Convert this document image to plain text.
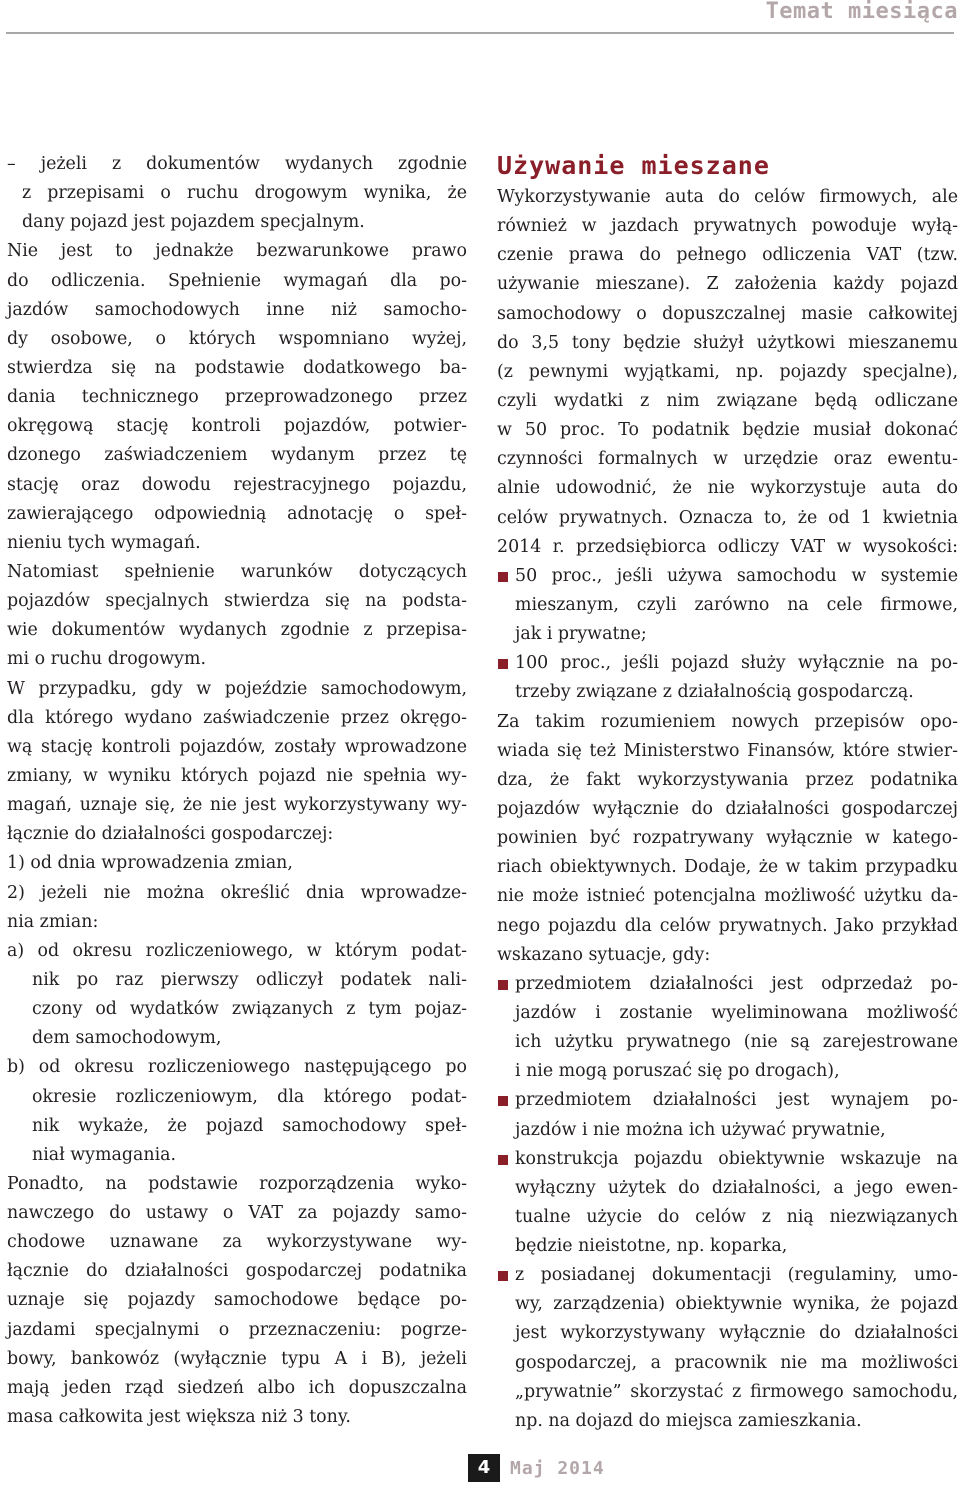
Temat miesiąca
– jeżeli z dokumentów wydanych zgodnie
z przepisami o ruchu drogowym wynika, że
dany pojazd jest pojazdem specjalnym.
Nie jest to jednakże bezwarunkowe prawo
do odliczenia. Spełnienie wymagań dla po-
jazdów samochodowych inne niż samocho-
dy osobowe, o których wspomniano wyżej,
stwierdza się na podstawie dodatkowego ba-
dania technicznego przeprowadzonego przez
okręgową stację kontroli pojazdów, potwier-
dzonego zaświadczeniem wydanym przez tę
stację oraz dowodu rejestracyjnego pojazdu,
zawierającego odpowiednią adnotację o speł-
nieniu tych wymagań.
Natomiast spełnienie warunków dotyczących
pojazdów specjalnych stwierdza się na podsta-
wie dokumentów wydanych zgodnie z przepisa-
mi o ruchu drogowym.
W przypadku, gdy w pojeździe samochodowym,
dla którego wydano zaświadczenie przez okręgo-
wą stację kontroli pojazdów, zostały wprowadzone
zmiany, w wyniku których pojazd nie spełnia wy-
magań, uznaje się, że nie jest wykorzystywany wy-
łącznie do działalności gospodarczej:
1) od dnia wprowadzenia zmian,
2) jeżeli nie można określić dnia wprowadze-
nia zmian:
a) od okresu rozliczeniowego, w którym podat-
nik po raz pierwszy odliczył podatek nali-
czony od wydatków związanych z tym pojaz-
dem samochodowym,
b) od okresu rozliczeniowego następującego po
okresie rozliczeniowym, dla którego podat-
nik wykaże, że pojazd samochodowy speł-
niał wymagania.
Ponadto, na podstawie rozporządzenia wyko-
nawczego do ustawy o VAT za pojazdy samo-
chodowe uznawane za wykorzystywane wy-
łącznie do działalności gospodarczej podatnika
uznaje się pojazdy samochodowe będące po-
jazdami specjalnymi o przeznaczeniu: pogrze-
bowy, bankowóz (wyłącznie typu A i B), jeżeli
mają jeden rząd siedzeń albo ich dopuszczalna
masa całkowita jest większa niż 3 tony.
Używanie mieszane
Wykorzystywanie auta do celów firmowych, ale
również w jazdach prywatnych powoduje wyłą-
czenie prawa do pełnego odliczenia VAT (tzw.
używanie mieszane). Z założenia każdy pojazd
samochodowy o dopuszczalnej masie całkowitej
do 3,5 tony będzie służył użytkowi mieszanemu
(z pewnymi wyjątkami, np. pojazdy specjalne),
czyli wydatki z nim związane będą odliczane
w 50 proc. To podatnik będzie musiał dokonać
czynności formalnych w urzędzie oraz ewentu-
alnie udowodnić, że nie wykorzystuje auta do
celów prywatnych. Oznacza to, że od 1 kwietnia
2014 r. przedsiębiorca odliczy VAT w wysokości:
50 proc., jeśli używa samochodu w systemie
mieszanym, czyli zarówno na cele firmowe,
jak i prywatne;
100 proc., jeśli pojazd służy wyłącznie na po-
trzeby związane z działalnością gospodarczą.
Za takim rozumieniem nowych przepisów opo-
wiada się też Ministerstwo Finansów, które stwier-
dza, że fakt wykorzystywania przez podatnika
pojazdów wyłącznie do działalności gospodarczej
powinien być rozpatrywany wyłącznie w katego-
riach obiektywnych. Dodaje, że w takim przypadku
nie może istnieć potencjalna możliwość użytku da-
nego pojazdu dla celów prywatnych. Jako przykład
wskazano sytuacje, gdy:
przedmiotem działalności jest odprzedaż po-
jazdów i zostanie wyeliminowana możliwość
ich użytku prywatnego (nie są zarejestrowane
i nie mogą poruszać się po drogach),
przedmiotem działalności jest wynajem po-
jazdów i nie można ich używać prywatnie,
konstrukcja pojazdu obiektywnie wskazuje na
wyłączny użytek do działalności, a jego ewen-
tualne użycie do celów z nią niezwiązanych
będzie nieistotne, np. koparka,
z posiadanej dokumentacji (regulaminy, umo-
wy, zarządzenia) obiektywnie wynika, że pojazd
jest wykorzystywany wyłącznie do działalności
gospodarczej, a pracownik nie ma możliwości
„prywatnie” skorzystać z firmowego samochodu,
np. na dojazd do miejsca zamieszkania.
4	Maj 2014
